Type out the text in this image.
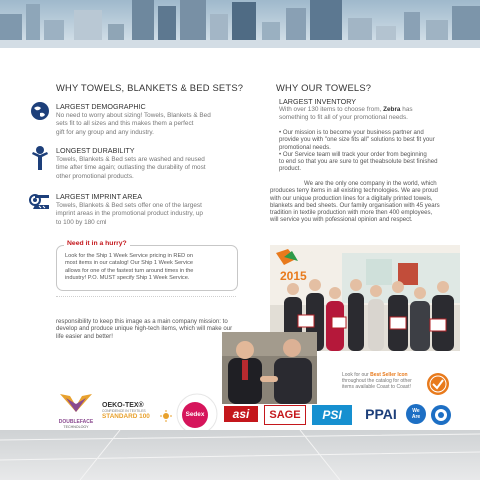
WHY TOWELS, BLANKETS & BED SETS?
LARGEST DEMOGRAPHIC
No need to worry about sizing! Towels, Blankets & Bed
sets fit to all sizes and this makes them a perfect
gift for any group and any industry.
LONGEST DURABILITY
Towels, Blankets & Bed sets are washed and reused
time after time again; outlasting the durability of most
other promotional products.
LARGEST IMPRINT AREA
Towels, Blankets & Bed sets offer one of the largest
imprint areas in the promotional product industry, up
to 100 by 180 cml
Need it in a hurry?
Look for the Ship 1 Week Service pricing in RED on
most items in our catalog! Our Ship 1 Week Service
allows for one of the fastest turn around times in the
industry! P.O. MUST specify Ship 1 Week Service.
responsibility to keep this image as a main company mission: to
develop and produce unique high-tech items, which will make our
life easier and better!
WHY OUR TOWELS?
LARGEST INVENTORY
With over 130 items to choose from, Zebra has
something to fit all of your promotional needs.
• Our mission is to become your business partner and
provide you with "one size fits all" solutions to best fit your
promotional needs.
• Our Service team will track your order from beginning
to end so that you are sure to get theabsolute best finished
product.
We are the only one company in the world, which
produces terry items in all existing technologies. We are proud
with our unique production lines for a digitally printed towels,
blankets and bed sheets. Our family organisation with 45 years
tradition in textile production with more then 400 employees,
will service you with pofessional opinion and respect.
2015
Look for our Best Seller Icon
throughout the catalog for other
items available Coast to Coast!
DOUBLEFACE
TECHNOLOGY
OEKO-TEX®
CONFIDENCE IN TEXTILES
STANDARD 100	Sedex	asi	SAGE	PSI	PPAI	We
Are
